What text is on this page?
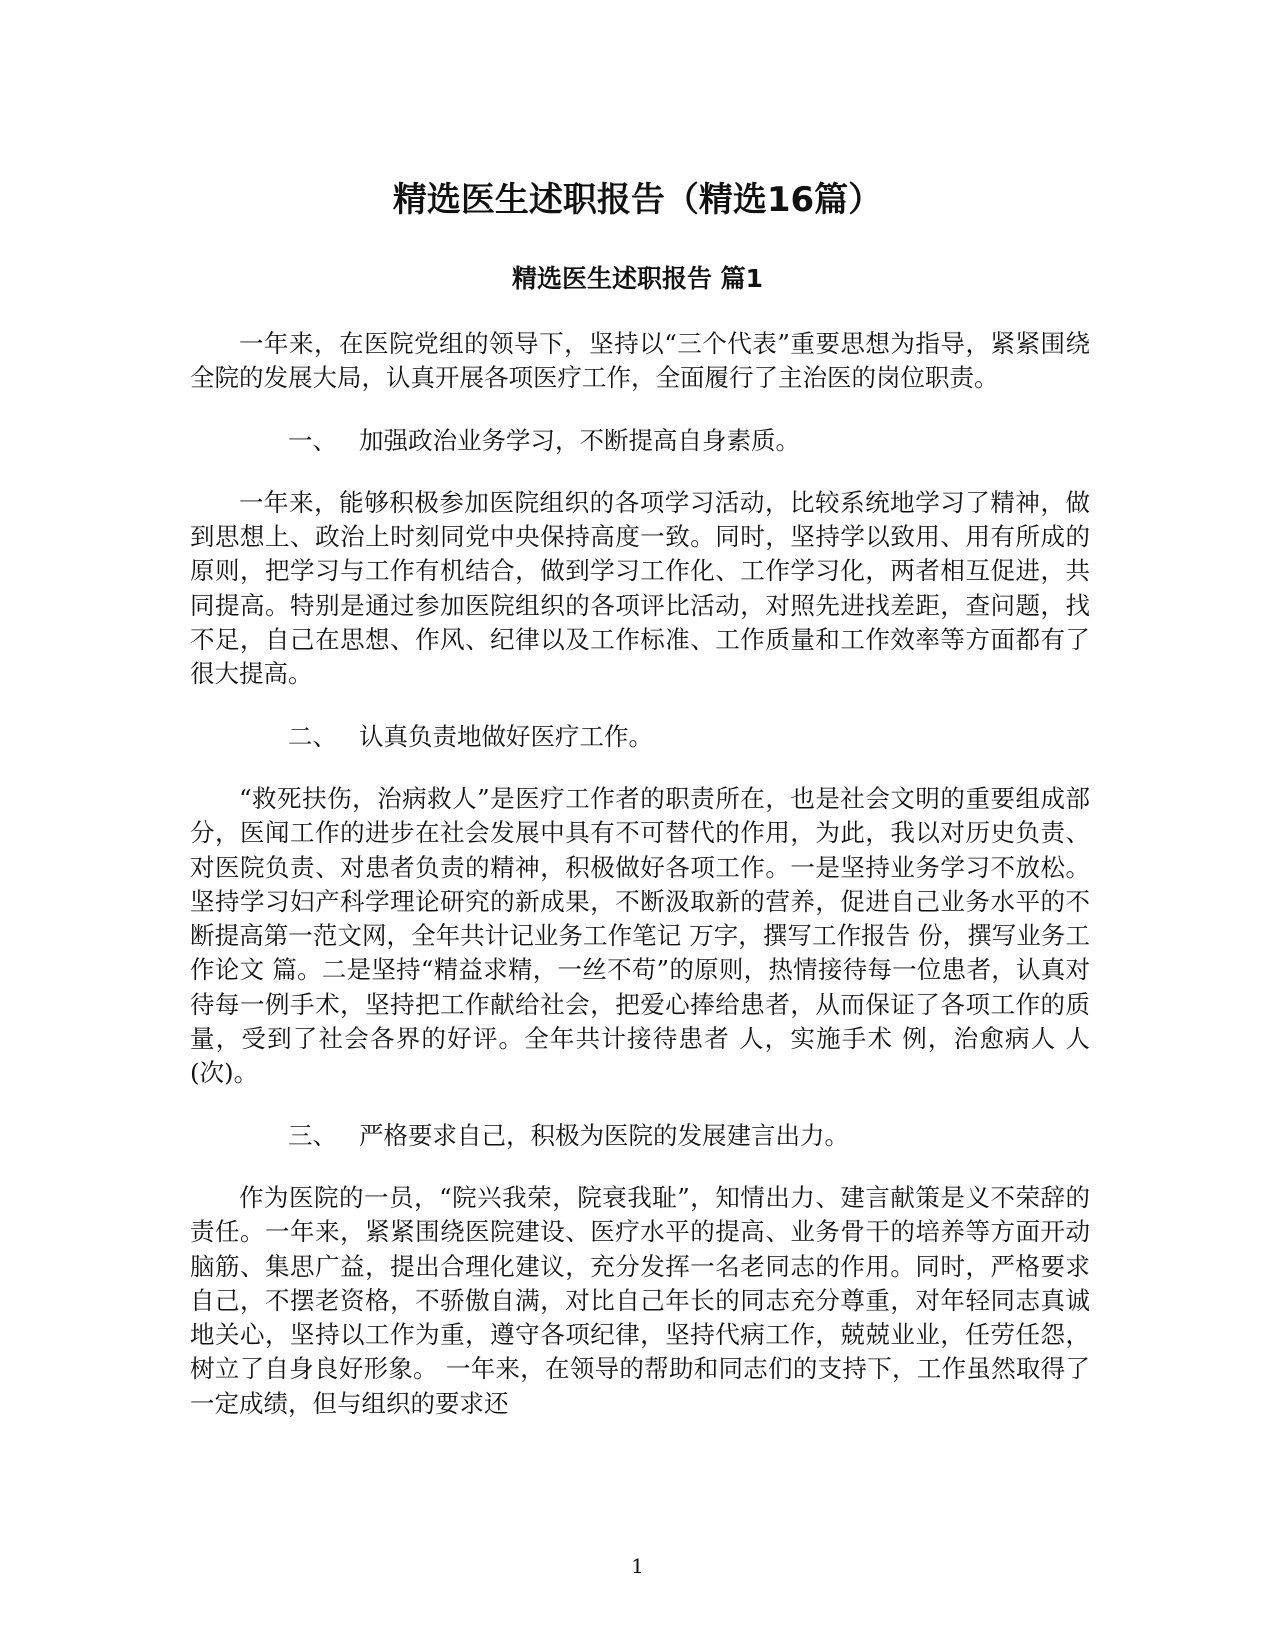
精选医生述职报告（精选16篇）
精选医生述职报告 篇1

一年来，在医院党组的领导下，坚持以“三个代表”重要思想为指导，紧紧围绕全院的发展大局，认真开展各项医疗工作，全面履行了主治医的岗位职责。

一、 加强政治业务学习，不断提高自身素质。

一年来，能够积极参加医院组织的各项学习活动，比较系统地学习了精神，做到思想上、政治上时刻同党中央保持高度一致。同时，坚持学以致用、用有所成的原则，把学习与工作有机结合，做到学习工作化、工作学习化，两者相互促进，共同提高。特别是通过参加医院组织的各项评比活动，对照先进找差距，查问题，找不足，自己在思想、作风、纪律以及工作标准、工作质量和工作效率等方面都有了很大提高。

二、 认真负责地做好医疗工作。

“救死扶伤，治病救人”是医疗工作者的职责所在，也是社会文明的重要组成部分，医闻工作的进步在社会发展中具有不可替代的作用，为此，我以对历史负责、对医院负责、对患者负责的精神，积极做好各项工作。一是坚持业务学习不放松。坚持学习妇产科学理论研究的新成果，不断汲取新的营养，促进自己业务水平的不断提高第一范文网，全年共计记业务工作笔记 万字，撰写工作报告 份，撰写业务工作论文 篇。二是坚持“精益求精，一丝不苟”的原则，热情接待每一位患者，认真对待每一例手术，坚持把工作献给社会，把爱心捧给患者，从而保证了各项工作的质量，受到了社会各界的好评。全年共计接待患者 人，实施手术 例，治愈病人 人(次)。

三、 严格要求自己，积极为医院的发展建言出力。

作为医院的一员，“院兴我荣，院衰我耻”，知情出力、建言献策是义不荣辞的责任。一年来，紧紧围绕医院建设、医疗水平的提高、业务骨干的培养等方面开动脑筋、集思广益，提出合理化建议，充分发挥一名老同志的作用。同时，严格要求自己，不摆老资格，不骄傲自满，对比自己年长的同志充分尊重，对年轻同志真诚地关心，坚持以工作为重，遵守各项纪律，坚持代病工作，兢兢业业，任劳任怨，树立了自身良好形象。 一年来，在领导的帮助和同志们的支持下，工作虽然取得了一定成绩，但与组织的要求还

1
